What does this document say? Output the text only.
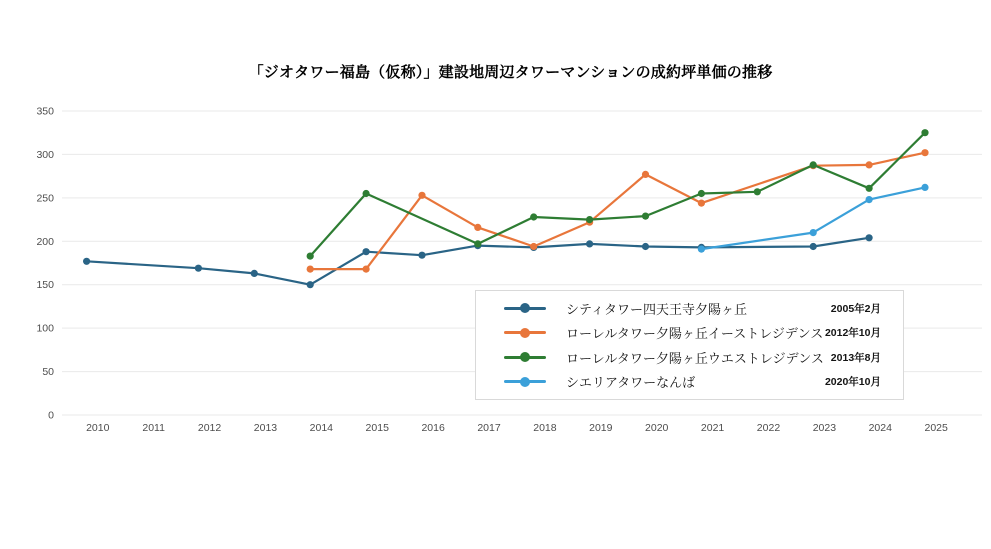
「ジオタワー福島（仮称）」建設地周辺タワーマンションの成約坪単価の推移
0
50
100
150
200
250
300
350
2010	2011	2012	2013	2014	2015	2016	2017	2018	2019	2020	2021	2022	2023	2024	2025
シティタワー四天王寺夕陽ヶ丘	2005年2月
ローレルタワー夕陽ヶ丘イーストレジデンス 2012年10月
ローレルタワー夕陽ヶ丘ウエストレジデンス 2013年8月
シエリアタワーなんば	2020年10月
